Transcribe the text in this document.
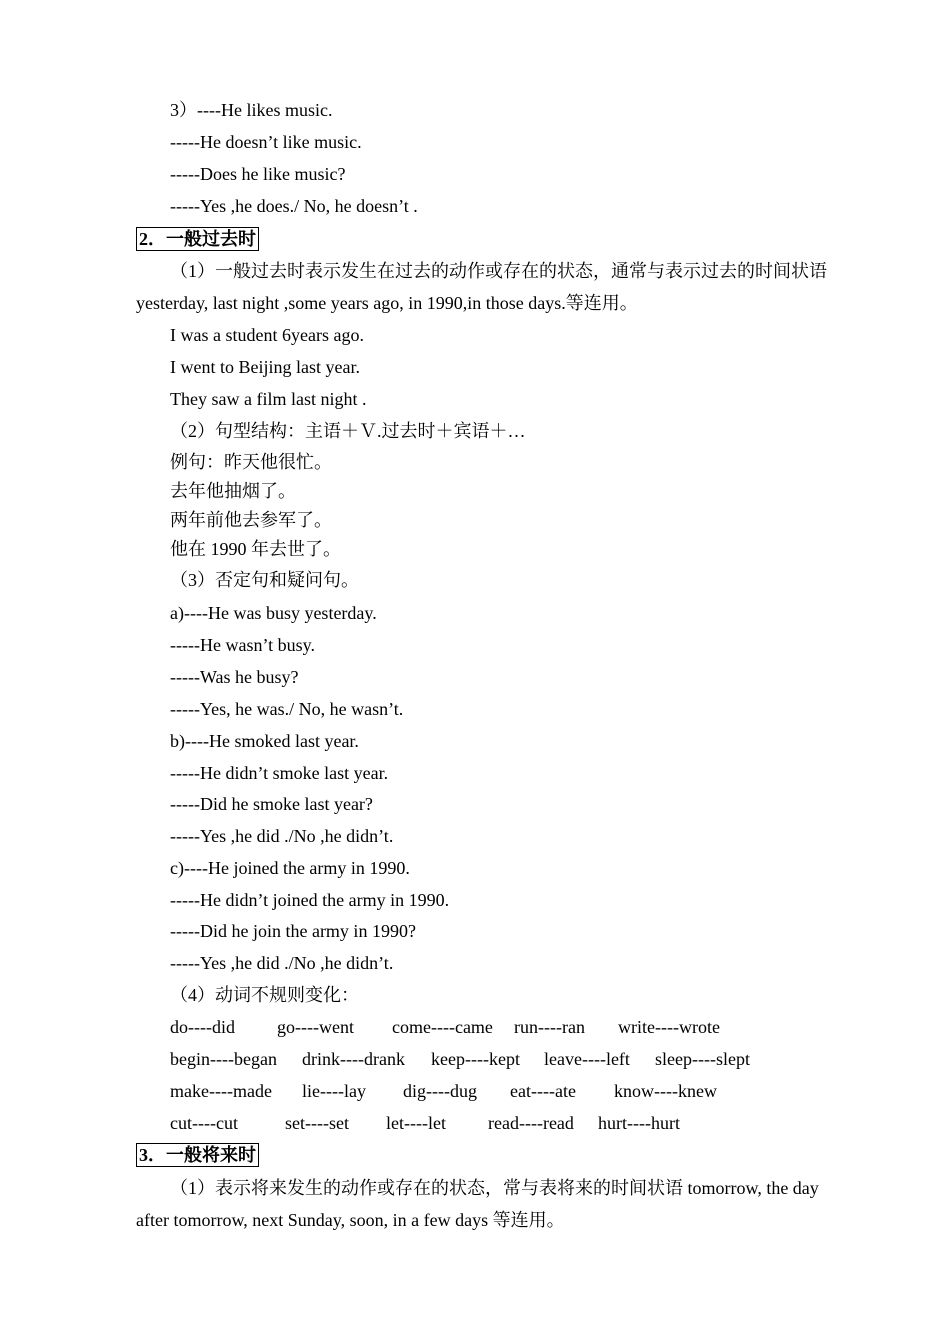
3）----He likes music.
-----He doesn’t like music.
-----Does he like music?
-----Yes ,he does./ No, he doesn’t .
2．一般过去时
（1）一般过去时表示发生在过去的动作或存在的状态，通常与表示过去的时间状语
yesterday, last night ,some years ago, in 1990,in those days.等连用。
I was a student 6years ago.
I went to Beijing last year.
They saw a film last night .
（2）句型结构：主语＋Ｖ.过去时＋宾语＋…
例句：昨天他很忙。
去年他抽烟了。
两年前他去参军了。
他在 1990 年去世了。
（3）否定句和疑问句。
a)----He was busy yesterday.
-----He wasn’t busy.
-----Was he busy?
-----Yes, he was./ No, he wasn’t.
b)----He smoked last year.
-----He didn’t smoke last year.
-----Did he smoke last year?
-----Yes ,he did ./No ,he didn’t.
c)----He joined the army in 1990.
-----He didn’t joined the army in 1990.
-----Did he join the army in 1990?
-----Yes ,he did ./No ,he didn’t.
（4）动词不规则变化：
do----did go----went come----came run----ran write----wrote
begin----began drink----drank keep----kept leave----left sleep----slept
make----made lie----lay dig----dug eat----ate know----knew
cut----cut	set----set let----let read----read hurt----hurt
3．一般将来时
（1）表示将来发生的动作或存在的状态，常与表将来的时间状语 tomorrow, the day
after tomorrow, next Sunday, soon, in a few days 等连用。
